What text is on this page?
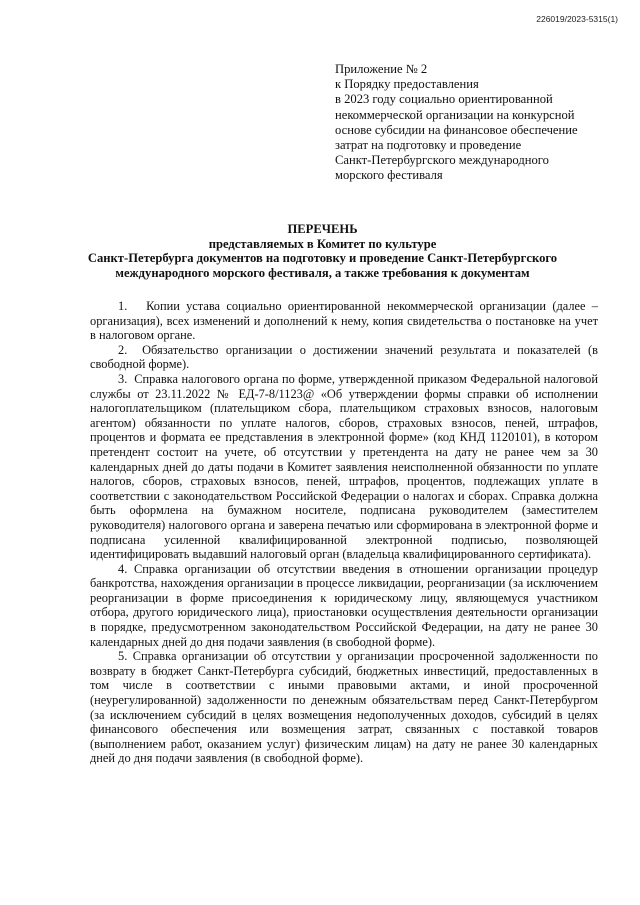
226019/2023-5315(1)
Приложение № 2
к Порядку предоставления
в 2023 году социально ориентированной
некоммерческой организации на конкурсной
основе субсидии на финансовое обеспечение
затрат на подготовку и проведение
Санкт-Петербургского международного
морского фестиваля
ПЕРЕЧЕНЬ
представляемых в Комитет по культуре
Санкт-Петербурга документов на подготовку и проведение Санкт-Петербургского
международного морского фестиваля, а также требования к документам

1. Копии устава социально ориентированной некоммерческой организации (далее – организация), всех изменений и дополнений к нему, копия свидетельства о постановке на учет в налоговом органе.

2. Обязательство организации о достижении значений результата и показателей (в свободной форме).

3. Справка налогового органа по форме, утвержденной приказом Федеральной налоговой службы от 23.11.2022 № ЕД-7-8/1123@ «Об утверждении формы справки об исполнении налогоплательщиком (плательщиком сбора, плательщиком страховых взносов, налоговым агентом) обязанности по уплате налогов, сборов, страховых взносов, пеней, штрафов, процентов и формата ее представления в электронной форме» (код КНД 1120101), в котором претендент состоит на учете, об отсутствии у претендента на дату не ранее чем за 30 календарных дней до даты подачи в Комитет заявления неисполненной обязанности по уплате налогов, сборов, страховых взносов, пеней, штрафов, процентов, подлежащих уплате в соответствии с законодательством Российской Федерации о налогах и сборах. Справка должна быть оформлена на бумажном носителе, подписана руководителем (заместителем руководителя) налогового органа и заверена печатью или сформирована в электронной форме и подписана усиленной квалифицированной электронной подписью, позволяющей идентифицировать выдавший налоговый орган (владельца квалифицированного сертификата).

4. Справка организации об отсутствии введения в отношении организации процедур банкротства, нахождения организации в процессе ликвидации, реорганизации (за исключением реорганизации в форме присоединения к юридическому лицу, являющемуся участником отбора, другого юридического лица), приостановки осуществления деятельности организации в порядке, предусмотренном законодательством Российской Федерации, на дату не ранее 30 календарных дней до дня подачи заявления (в свободной форме).

5. Справка организации об отсутствии у организации просроченной задолженности по возврату в бюджет Санкт-Петербурга субсидий, бюджетных инвестиций, предоставленных в том числе в соответствии с иными правовыми актами, и иной просроченной (неурегулированной) задолженности по денежным обязательствам перед Санкт-Петербургом (за исключением субсидий в целях возмещения недополученных доходов, субсидий в целях финансового обеспечения или возмещения затрат, связанных с поставкой товаров (выполнением работ, оказанием услуг) физическим лицам) на дату не ранее 30 календарных дней до дня подачи заявления (в свободной форме).
